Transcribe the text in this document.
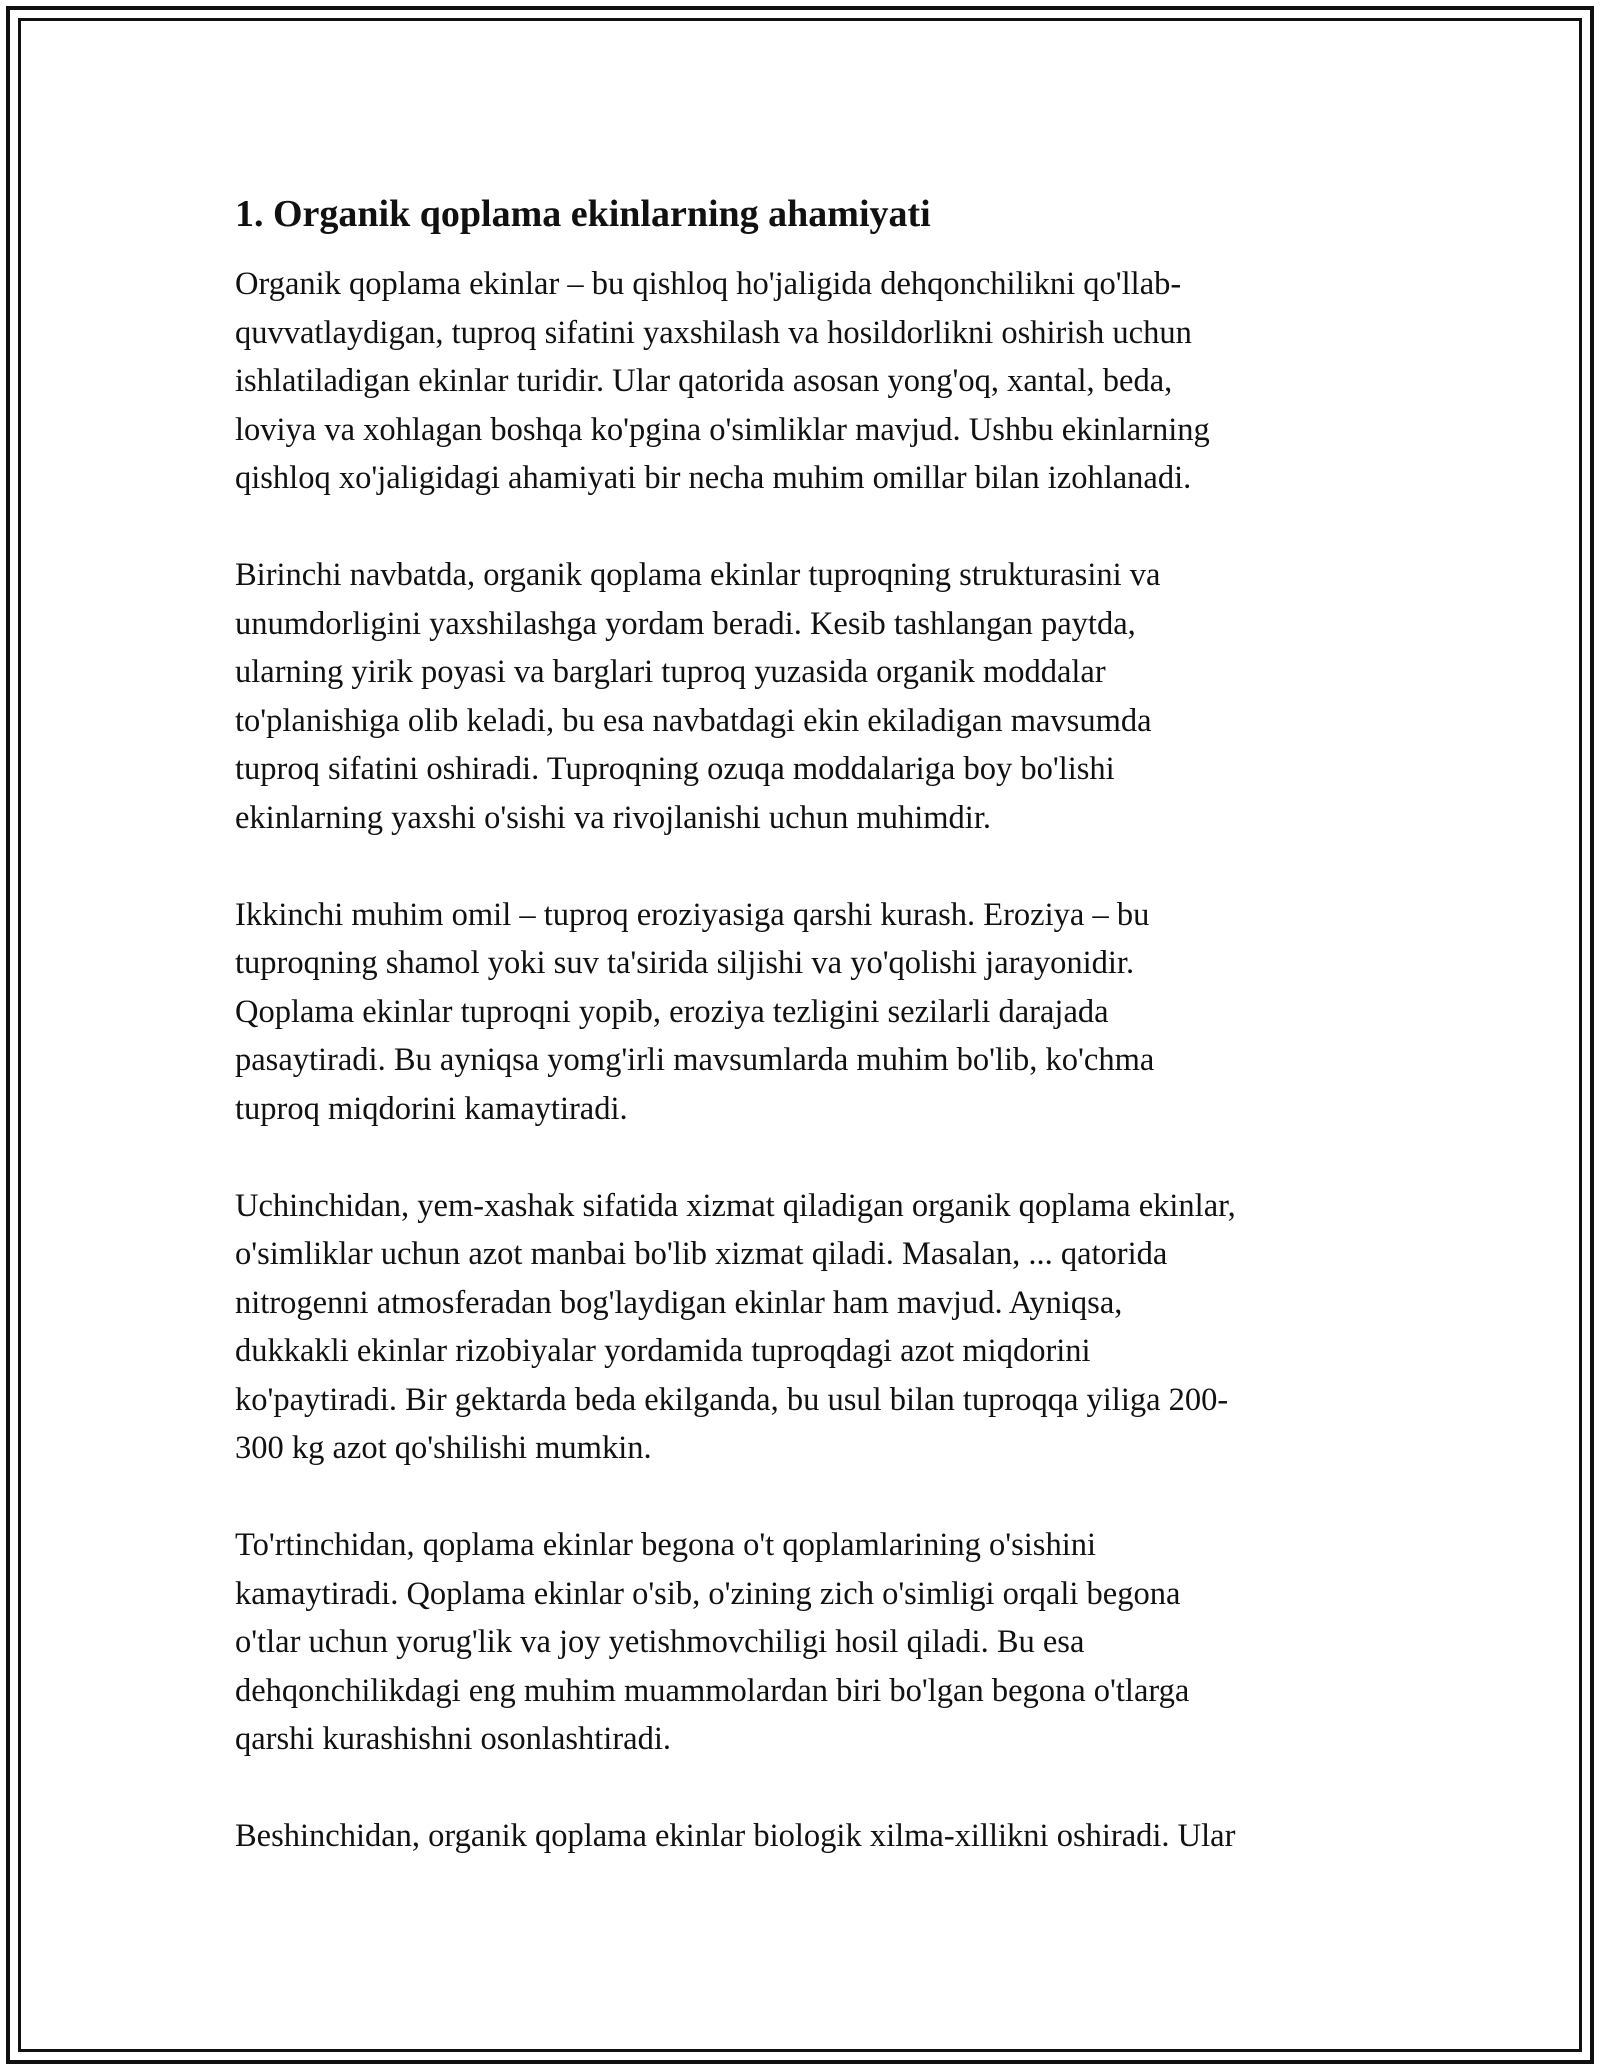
1. Organik qoplama ekinlarning ahamiyati
Organik qoplama ekinlar – bu qishloq ho'jaligida dehqonchilikni qo'llab-
quvvatlaydigan, tuproq sifatini yaxshilash va hosildorlikni oshirish uchun
ishlatiladigan ekinlar turidir. Ular qatorida asosan yong'oq, xantal, beda,
loviya va xohlagan boshqa ko'pgina o'simliklar mavjud. Ushbu ekinlarning
qishloq xo'jaligidagi ahamiyati bir necha muhim omillar bilan izohlanadi.
Birinchi navbatda, organik qoplama ekinlar tuproqning strukturasini va
unumdorligini yaxshilashga yordam beradi. Kesib tashlangan paytda,
ularning yirik poyasi va barglari tuproq yuzasida organik moddalar
to'planishiga olib keladi, bu esa navbatdagi ekin ekiladigan mavsumda
tuproq sifatini oshiradi. Tuproqning ozuqa moddalariga boy bo'lishi
ekinlarning yaxshi o'sishi va rivojlanishi uchun muhimdir.
Ikkinchi muhim omil – tuproq eroziyasiga qarshi kurash. Eroziya – bu
tuproqning shamol yoki suv ta'sirida siljishi va yo'qolishi jarayonidir.
Qoplama ekinlar tuproqni yopib, eroziya tezligini sezilarli darajada
pasaytiradi. Bu ayniqsa yomg'irli mavsumlarda muhim bo'lib, ko'chma
tuproq miqdorini kamaytiradi.
Uchinchidan, yem-xashak sifatida xizmat qiladigan organik qoplama ekinlar,
o'simliklar uchun azot manbai bo'lib xizmat qiladi. Masalan, ... qatorida
nitrogenni atmosferadan bog'laydigan ekinlar ham mavjud. Ayniqsa,
dukkakli ekinlar rizobiyalar yordamida tuproqdagi azot miqdorini
ko'paytiradi. Bir gektarda beda ekilganda, bu usul bilan tuproqqa yiliga 200-
300 kg azot qo'shilishi mumkin.
To'rtinchidan, qoplama ekinlar begona o't qoplamlarining o'sishini
kamaytiradi. Qoplama ekinlar o'sib, o'zining zich o'simligi orqali begona
o'tlar uchun yorug'lik va joy yetishmovchiligi hosil qiladi. Bu esa
dehqonchilikdagi eng muhim muammolardan biri bo'lgan begona o'tlarga
qarshi kurashishni osonlashtiradi.
Beshinchidan, organik qoplama ekinlar biologik xilma-xillikni oshiradi. Ular
